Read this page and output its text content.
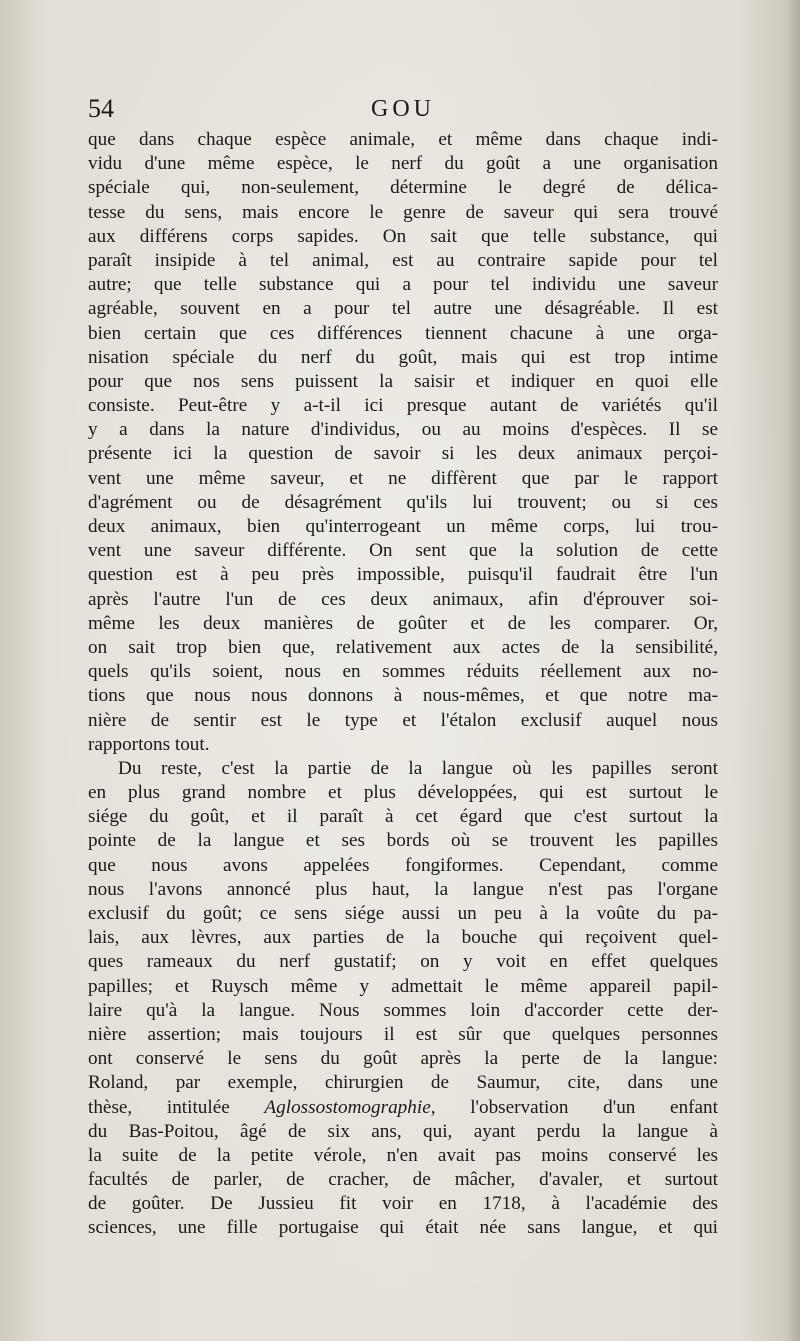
54	GOU
que dans chaque espèce animale, et même dans chaque indi-
vidu d'une même espèce, le nerf du goût a une organisation
spéciale qui, non-seulement, détermine le degré de délica-
tesse du sens, mais encore le genre de saveur qui sera trouvé
aux différens corps sapides. On sait que telle substance, qui
paraît insipide à tel animal, est au contraire sapide pour tel
autre; que telle substance qui a pour tel individu une saveur
agréable, souvent en a pour tel autre une désagréable. Il est
bien certain que ces différences tiennent chacune à une orga-
nisation spéciale du nerf du goût, mais qui est trop intime
pour que nos sens puissent la saisir et indiquer en quoi elle
consiste. Peut-être y a-t-il ici presque autant de variétés qu'il
y a dans la nature d'individus, ou au moins d'espèces. Il se
présente ici la question de savoir si les deux animaux perçoi-
vent une même saveur, et ne diffèrent que par le rapport
d'agrément ou de désagrément qu'ils lui trouvent; ou si ces
deux animaux, bien qu'interrogeant un même corps, lui trou-
vent une saveur différente. On sent que la solution de cette
question est à peu près impossible, puisqu'il faudrait être l'un
après l'autre l'un de ces deux animaux, afin d'éprouver soi-
même les deux manières de goûter et de les comparer. Or,
on sait trop bien que, relativement aux actes de la sensibilité,
quels qu'ils soient, nous en sommes réduits réellement aux no-
tions que nous nous donnons à nous-mêmes, et que notre ma-
nière de sentir est le type et l'étalon exclusif auquel nous
rapportons tout.
Du reste, c'est la partie de la langue où les papilles seront
en plus grand nombre et plus développées, qui est surtout le
siége du goût, et il paraît à cet égard que c'est surtout la
pointe de la langue et ses bords où se trouvent les papilles
que nous avons appelées fongiformes. Cependant, comme
nous l'avons annoncé plus haut, la langue n'est pas l'organe
exclusif du goût; ce sens siége aussi un peu à la voûte du pa-
lais, aux lèvres, aux parties de la bouche qui reçoivent quel-
ques rameaux du nerf gustatif; on y voit en effet quelques
papilles; et Ruysch même y admettait le même appareil papil-
laire qu'à la langue. Nous sommes loin d'accorder cette der-
nière assertion; mais toujours il est sûr que quelques personnes
ont conservé le sens du goût après la perte de la langue:
Roland, par exemple, chirurgien de Saumur, cite, dans une
thèse, intitulée Aglossostomographie, l'observation d'un enfant
du Bas-Poitou, âgé de six ans, qui, ayant perdu la langue à
la suite de la petite vérole, n'en avait pas moins conservé les
facultés de parler, de cracher, de mâcher, d'avaler, et surtout
de goûter. De Jussieu fit voir en 1718, à l'académie des
sciences, une fille portugaise qui était née sans langue, et qui
